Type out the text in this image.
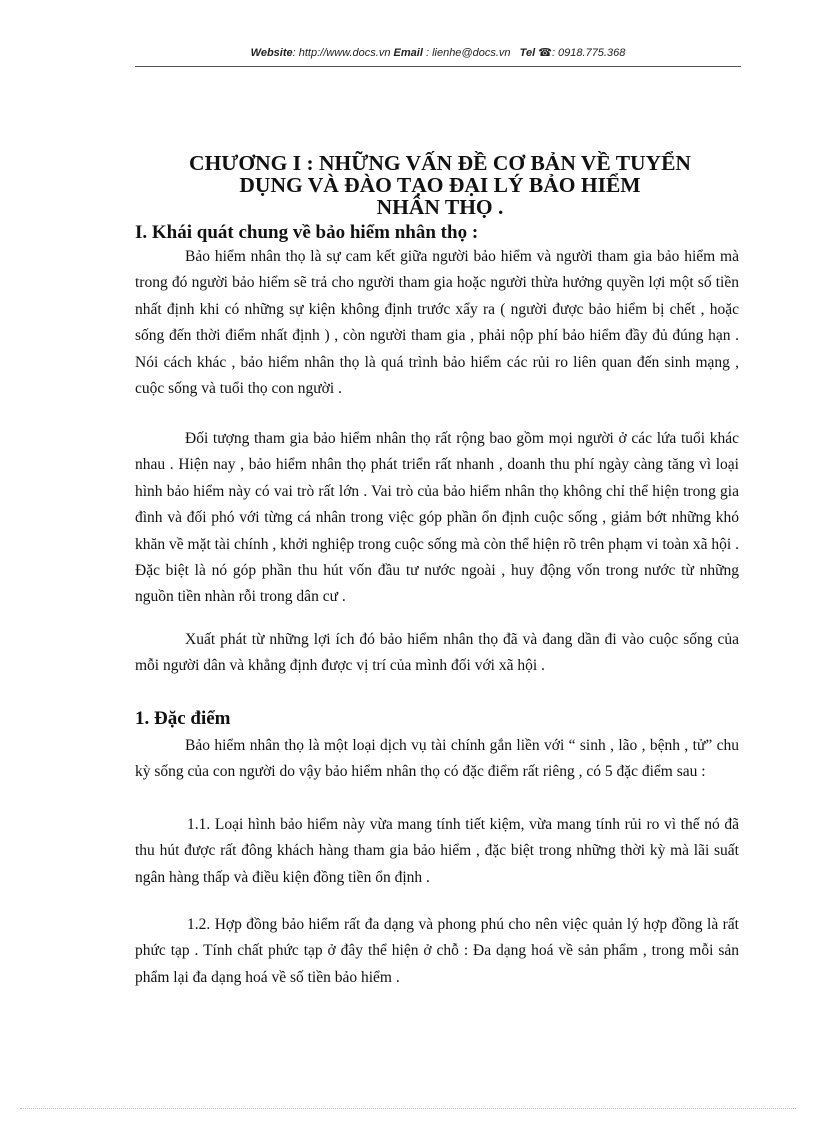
Website: http://www.docs.vn Email : lienhe@docs.vn Tel ☎: 0918.775.368
CHƯƠNG I : NHỮNG VẤN ĐỀ CƠ BẢN VỀ TUYỂN
DỤNG VÀ ĐÀO TẠO ĐẠI LÝ BẢO HIỂM
NHÂN THỌ .
I. Khái quát chung về bảo hiểm nhân thọ :
Bảo hiểm nhân thọ là sự cam kết giữa người bảo hiểm và người tham gia bảo hiểm mà trong đó người bảo hiểm sẽ trả cho người tham gia hoặc người thừa hưởng quyền lợi một số tiền nhất định khi có những sự kiện không định trước xẩy ra ( người được bảo hiểm bị chết , hoặc sống đến thời điểm nhất định ) , còn người tham gia , phải nộp phí bảo hiểm đầy đủ đúng hạn . Nói cách khác , bảo hiểm nhân thọ là quá trình bảo hiểm các rủi ro liên quan đến sinh mạng , cuộc sống và tuổi thọ con người .
Đối tượng tham gia bảo hiểm nhân thọ rất rộng bao gồm mọi người ở các lứa tuổi khác nhau . Hiện nay , bảo hiểm nhân thọ phát triển rất nhanh , doanh thu phí ngày càng tăng vì loại hình bảo hiểm này có vai trò rất lớn . Vai trò của bảo hiểm nhân thọ không chỉ thể hiện trong gia đình và đối phó với từng cá nhân trong việc góp phần ổn định cuộc sống , giảm bớt những khó khăn về mặt tài chính , khởi nghiệp trong cuộc sống mà còn thể hiện rõ trên phạm vi toàn xã hội . Đặc biệt là nó góp phần thu hút vốn đầu tư nước ngoài , huy động vốn trong nước từ những nguồn tiền nhàn rỗi trong dân cư .
Xuất phát từ những lợi ích đó bảo hiểm nhân thọ đã và đang dần đi vào cuộc sống của mỗi người dân và khẳng định được vị trí của mình đối với xã hội .
1. Đặc điểm
Bảo hiểm nhân thọ là một loại dịch vụ tài chính gắn liền với “ sinh , lão , bệnh , tử” chu kỳ sống của con người do vậy bảo hiểm nhân thọ có đặc điểm rất riêng , có 5 đặc điểm sau :
1.1. Loại hình bảo hiểm này vừa mang tính tiết kiệm, vừa mang tính rủi ro vì thế nó đã thu hút được rất đông khách hàng tham gia bảo hiểm , đặc biệt trong những thời kỳ mà lãi suất ngân hàng thấp và điều kiện đồng tiền ổn định .
1.2. Hợp đồng bảo hiểm rất đa dạng và phong phú cho nên việc quản lý hợp đồng là rất phức tạp . Tính chất phức tạp ở đây thể hiện ở chỗ : Đa dạng hoá về sản phẩm , trong mỗi sản phẩm lại đa dạng hoá về số tiền bảo hiểm .
